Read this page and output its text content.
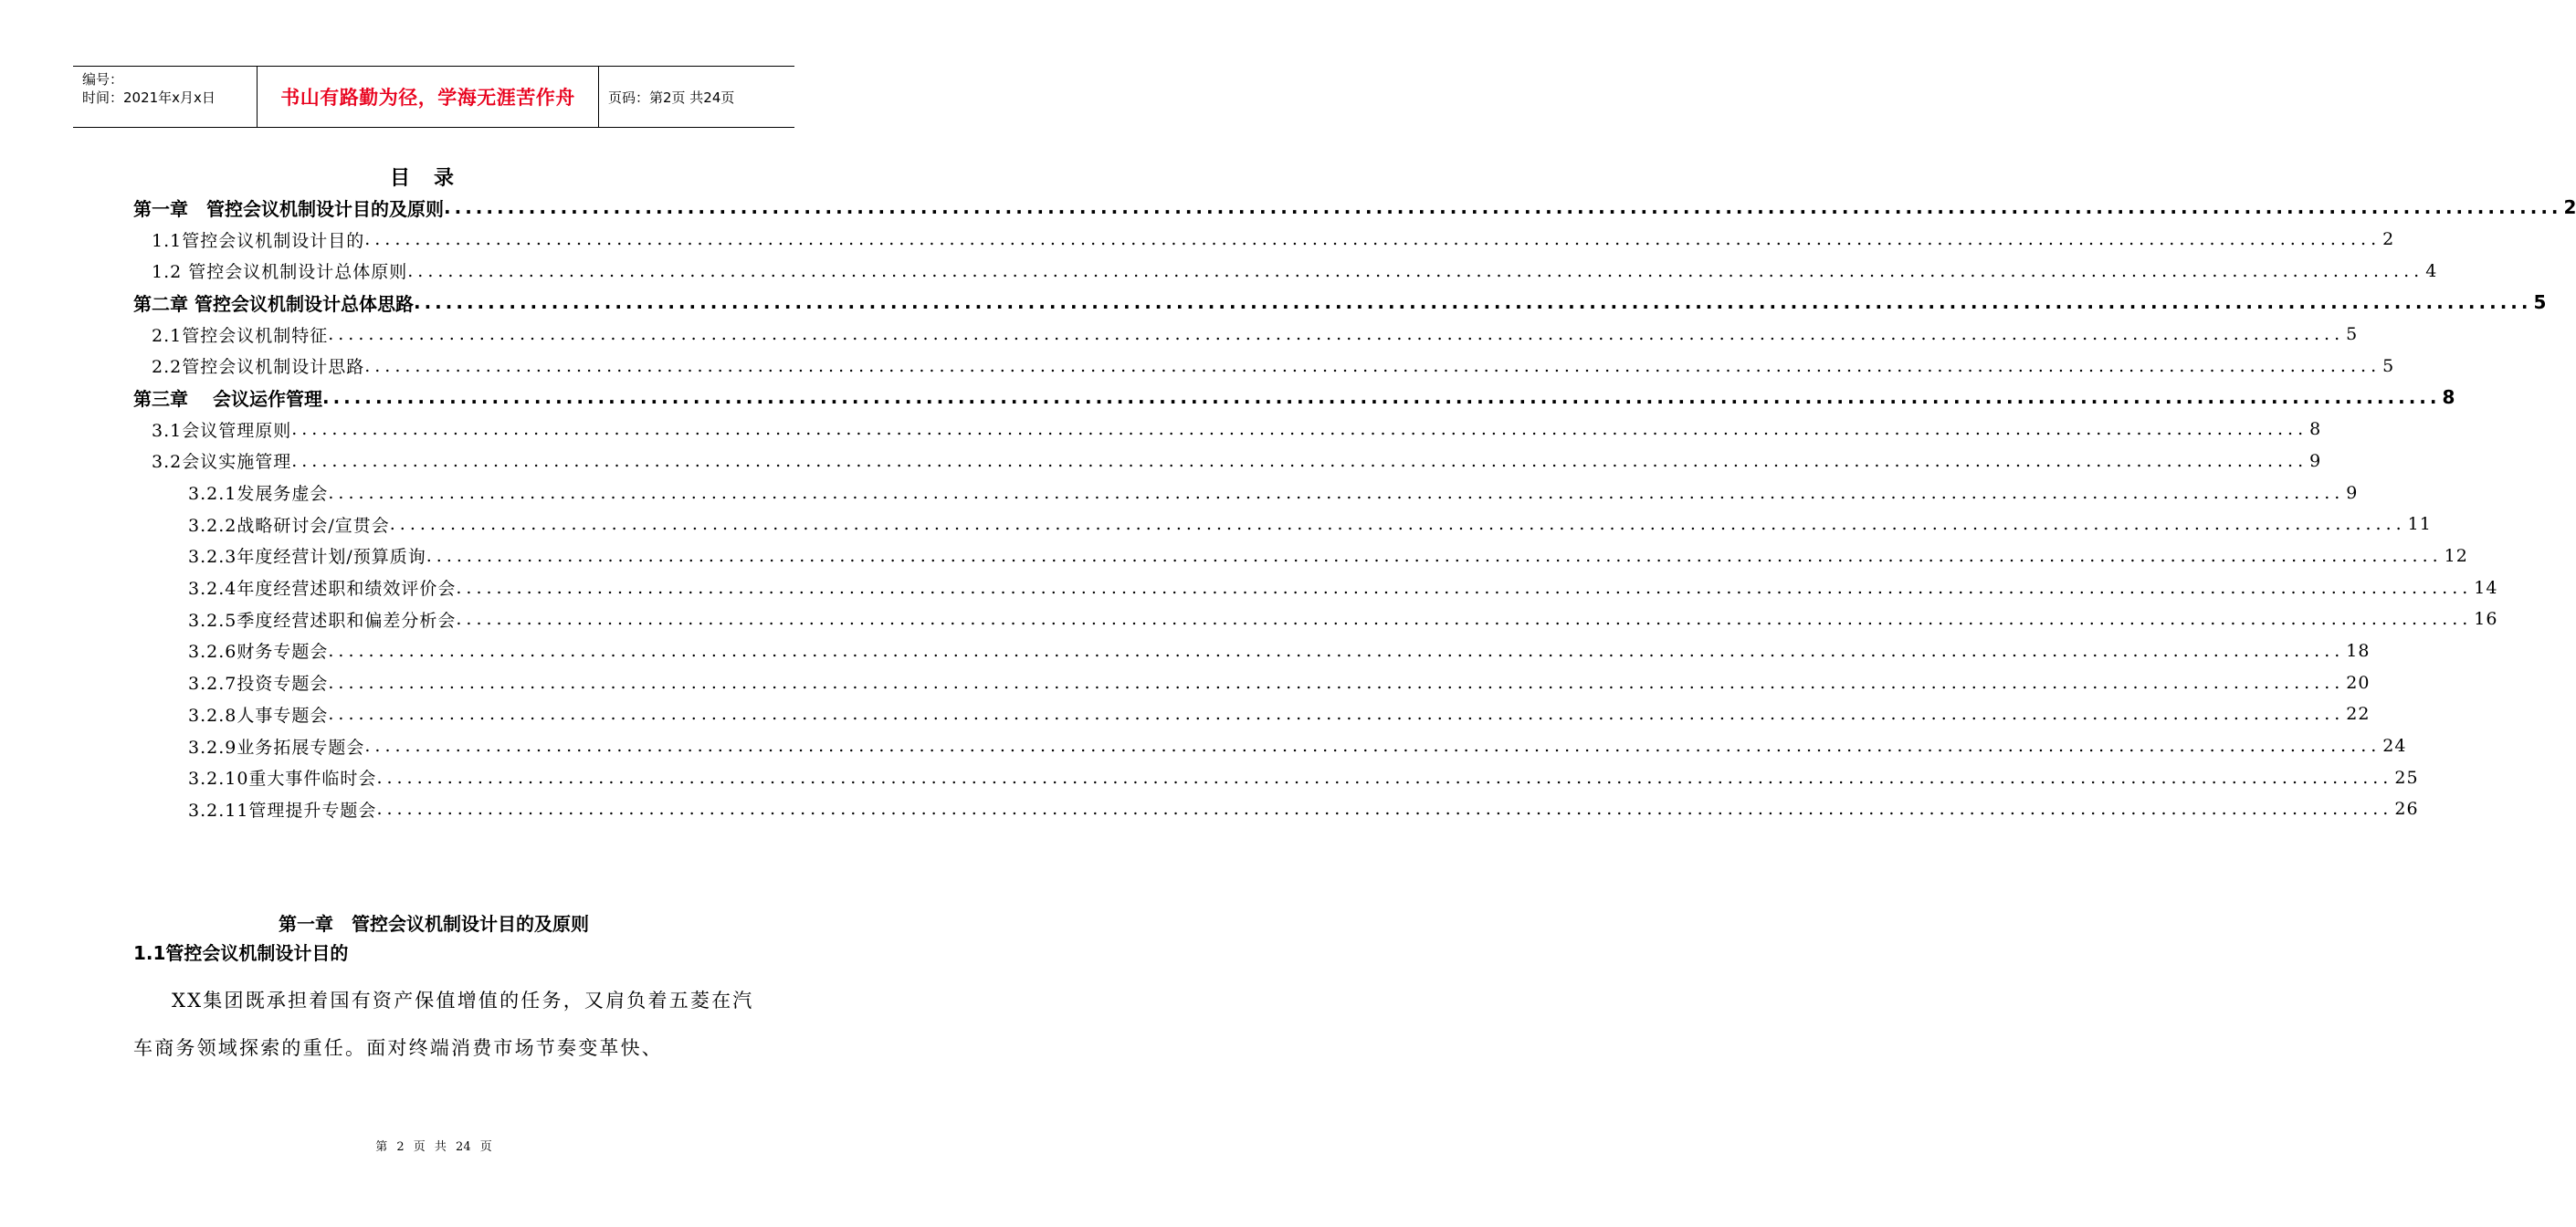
编号：
时间：2021年x月x日	书山有路勤为径，学海无涯苦作舟	页码：第2页 共24页
目录
第一章　管控会议机制设计目的及原则 ........................................................................................................................................................................................................ 2
1.1管控会议机制设计目的 ........................................................................................................................................................................................................ 2
1.2 管控会议机制设计总体原则 ........................................................................................................................................................................................................ 4
第二章 管控会议机制设计总体思路 ........................................................................................................................................................................................................ 5
2.1管控会议机制特征 ........................................................................................................................................................................................................ 5
2.2管控会议机制设计思路 ........................................................................................................................................................................................................ 5
第三章　 会议运作管理 ........................................................................................................................................................................................................ 8
3.1会议管理原则 ........................................................................................................................................................................................................ 8
3.2会议实施管理 ........................................................................................................................................................................................................ 9
3.2.1发展务虚会 ........................................................................................................................................................................................................ 9
3.2.2战略研讨会/宣贯会 ........................................................................................................................................................................................................ 11
3.2.3年度经营计划/预算质询 ........................................................................................................................................................................................................ 12
3.2.4年度经营述职和绩效评价会 ........................................................................................................................................................................................................ 14
3.2.5季度经营述职和偏差分析会 ........................................................................................................................................................................................................ 16
3.2.6财务专题会 ........................................................................................................................................................................................................ 18
3.2.7投资专题会 ........................................................................................................................................................................................................ 20
3.2.8人事专题会 ........................................................................................................................................................................................................ 22
3.2.9业务拓展专题会 ........................................................................................................................................................................................................ 24
3.2.10重大事件临时会 ........................................................................................................................................................................................................ 25
3.2.11管理提升专题会 ........................................................................................................................................................................................................ 26
第一章　管控会议机制设计目的及原则
1.1管控会议机制设计目的
XX集团既承担着国有资产保值增值的任务，又肩负着五菱在汽车商务领域探索的重任。面对终端消费市场节奏变革快、
第 2 页 共 24 页
